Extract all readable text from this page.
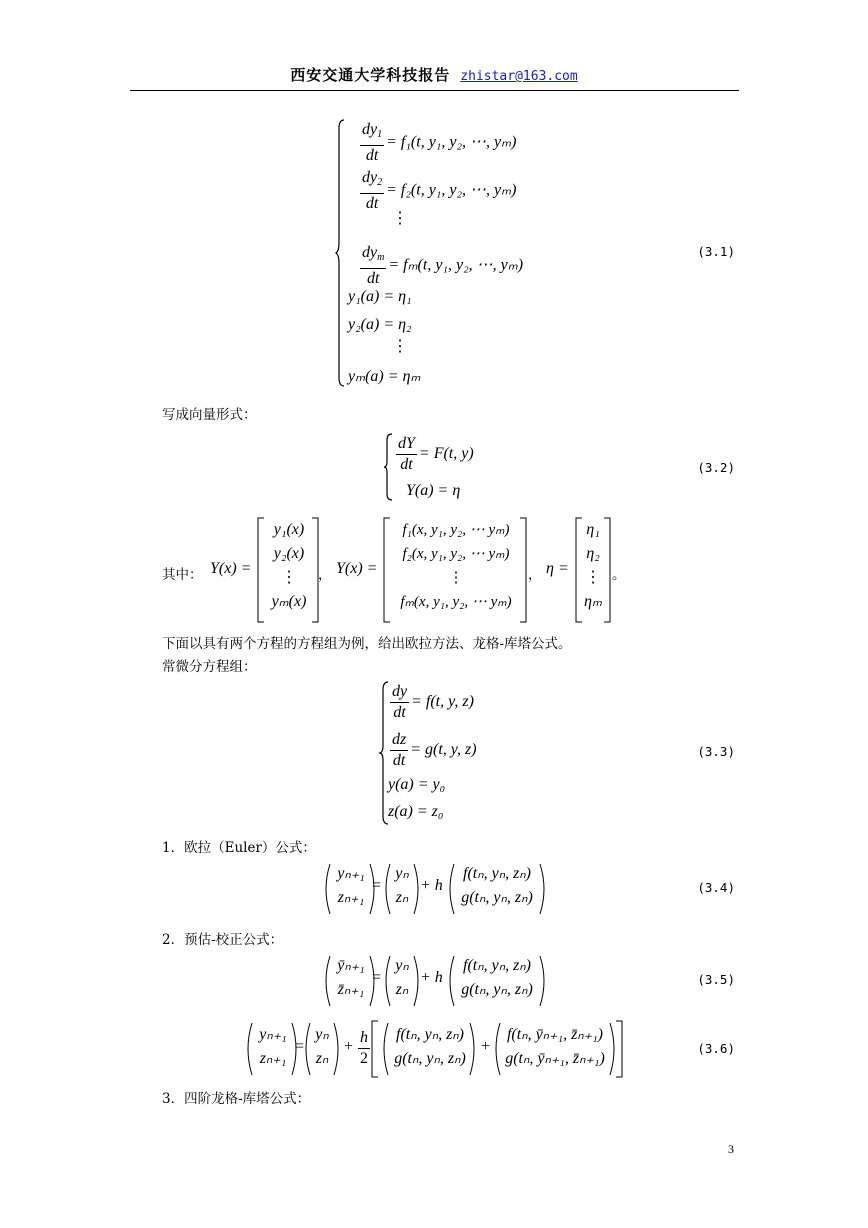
西安交通大学科技报告 zhistar@163.com
$\frac{dy_1}{dt} = f_1(t$, y₁, y₂, ⋯, yₘ)
$\frac{dy_2}{dt} = f_2(t$, y₁, y₂, ⋯, yₘ)
⋮
$\frac{dy_m}{dt} = f_m(t$, y₁, y₂, ⋯, yₘ)
y₁(a) = η₁
y₂(a) = η₂
⋮
yₘ(a) = ηₘ
(3.1)
写成向量形式：
$\frac{dY}{dt} = F(t$, y)
Y(a) = η
(3.2)
其中： Y(x) =
y₁(x)
y₂(x)
⋮
yₘ(x)
， Y(x) =
f₁(x, y₁, y₂, ⋯ yₘ)
f₂(x, y₁, y₂, ⋯ yₘ)
⋮
fₘ(x, y₁, y₂, ⋯ yₘ)
， η =
η₁
η₂
⋮
ηₘ
。
下面以具有两个方程的方程组为例，给出欧拉方法、龙格-库塔公式。
常微分方程组：
$\frac{dy}{dt} = f(t$, y, z)
$\frac{dz}{dt} = g(t$, y, z)
y(a) = y₀
z(a) = z₀
(3.3)
1．欧拉（Euler）公式：
yₙ₊₁
zₙ₊₁
=
yₙ
zₙ
+ h
f(tₙ, yₙ, zₙ)
g(tₙ, yₙ, zₙ)
(3.4)
2．预估-校正公式：
ȳₙ₊₁
z̄ₙ₊₁
=
yₙ
zₙ
+ h
f(tₙ, yₙ, zₙ)
g(tₙ, yₙ, zₙ)
(3.5)
yₙ₊₁
zₙ₊₁
=
yₙ
zₙ
+ $\frac{h}{2}$	f(tₙ, yₙ, zₙ)
g(tₙ, yₙ, zₙ)
+
f(tₙ, ȳₙ₊₁, z̄ₙ₊₁)
g(tₙ, ȳₙ₊₁, z̄ₙ₊₁)
(3.6)
3．四阶龙格-库塔公式：
3
